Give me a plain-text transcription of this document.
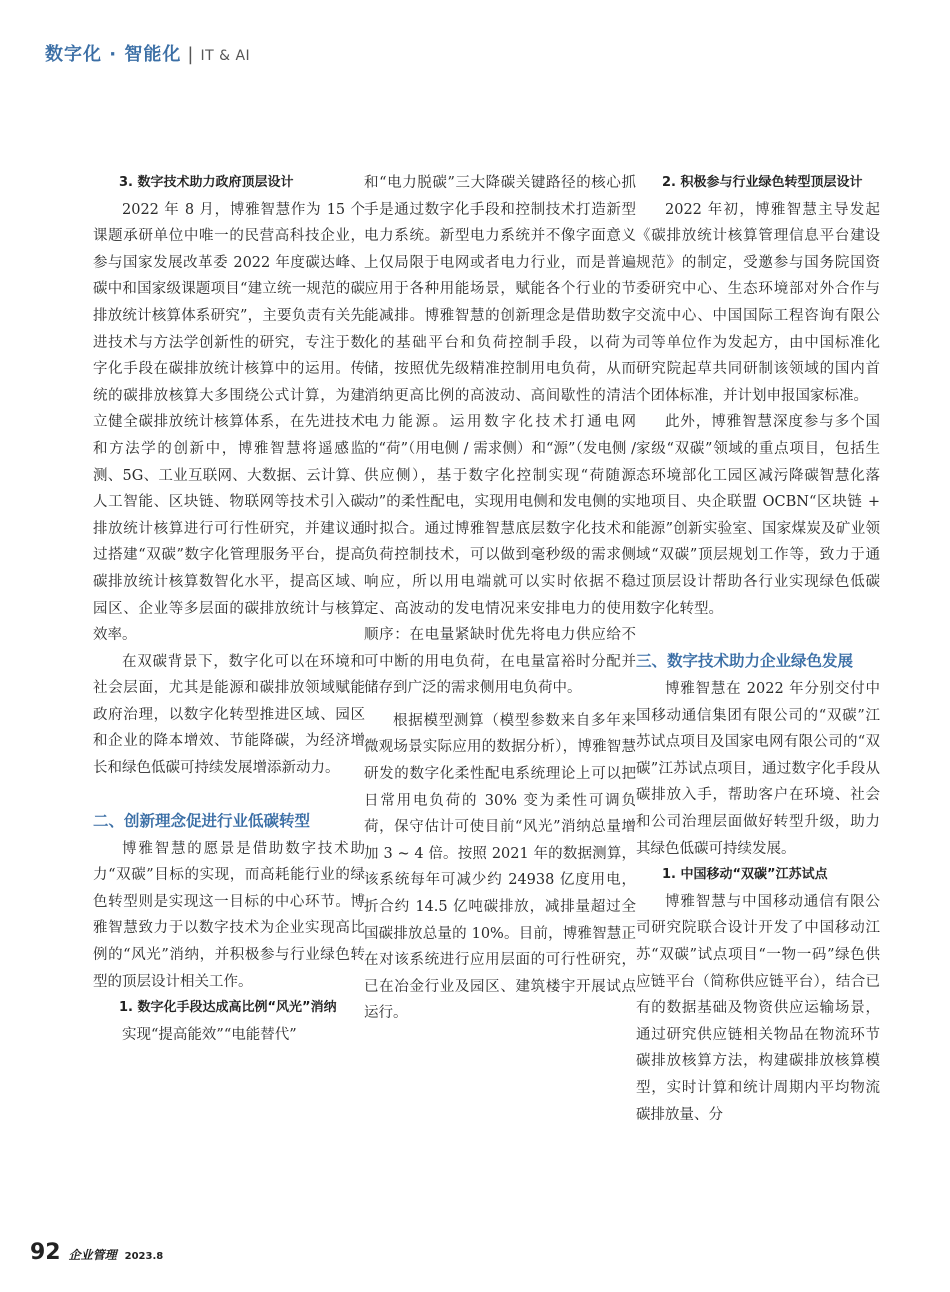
数字化 · 智能化 | IT & AI
3. 数字技术助力政府顶层设计

2022 年 8 月，博雅智慧作为 15 个课题承研单位中唯一的民营高科技企业，参与国家发展改革委 2022 年度碳达峰、碳中和国家级课题项目“建立统一规范的碳排放统计核算体系研究”，主要负责有关先进技术与方法学创新性的研究，专注于数字化手段在碳排放统计核算中的运用。传统的碳排放核算大多围绕公式计算，为建立健全碳排放统计核算体系，在先进技术和方法学的创新中，博雅智慧将遥感监测、5G、工业互联网、大数据、云计算、人工智能、区块链、物联网等技术引入碳排放统计核算进行可行性研究，并建议通过搭建“双碳”数字化管理服务平台，提高碳排放统计核算数智化水平，提高区域、园区、企业等多层面的碳排放统计与核算效率。

在双碳背景下，数字化可以在环境和社会层面，尤其是能源和碳排放领域赋能政府治理，以数字化转型推进区域、园区和企业的降本增效、节能降碳，为经济增长和绿色低碳可持续发展增添新动力。

二、创新理念促进行业低碳转型

博雅智慧的愿景是借助数字技术助力“双碳”目标的实现，而高耗能行业的绿色转型则是实现这一目标的中心环节。博雅智慧致力于以数字技术为企业实现高比例的“风光”消纳，并积极参与行业绿色转型的顶层设计相关工作。

1. 数字化手段达成高比例“风光”消纳

实现“提高能效”“电能替代”

和“电力脱碳”三大降碳关键路径的核心抓手是通过数字化手段和控制技术打造新型电力系统。新型电力系统并不像字面意义上仅局限于电网或者电力行业，而是普遍应用于各种用能场景，赋能各个行业的节能减排。博雅智慧的创新理念是借助数字化的基础平台和负荷控制手段，以荷为储，按照优先级精准控制用电负荷，从而消纳更高比例的高波动、高间歇性的清洁电力能源。运用数字化技术打通电网的“荷”（用电侧 / 需求侧）和“源”（发电侧 / 供应侧），基于数字化控制实现“荷随源动”的柔性配电，实现用电侧和发电侧的实时拟合。通过博雅智慧底层数字化技术和负荷控制技术，可以做到毫秒级的需求侧响应，所以用电端就可以实时依据不稳定、高波动的发电情况来安排电力的使用顺序：在电量紧缺时优先将电力供应给不可中断的用电负荷，在电量富裕时分配并储存到广泛的需求侧用电负荷中。

根据模型测算（模型参数来自多年来微观场景实际应用的数据分析），博雅智慧研发的数字化柔性配电系统理论上可以把日常用电负荷的 30% 变为柔性可调负荷，保守估计可使目前“风光”消纳总量增加 3 ~ 4 倍。按照 2021 年的数据测算，该系统每年可减少约 24938 亿度用电，折合约 14.5 亿吨碳排放，减排量超过全国碳排放总量的 10%。目前，博雅智慧正在对该系统进行应用层面的可行性研究，已在冶金行业及园区、建筑楼宇开展试点运行。

2. 积极参与行业绿色转型顶层设计

2022 年初，博雅智慧主导发起《碳排放统计核算管理信息平台建设规范》的制定，受邀参与国务院国资委研究中心、生态环境部对外合作与交流中心、中国国际工程咨询有限公司等单位作为发起方，由中国标准化研究院起草共同研制该领域的国内首个团体标准，并计划申报国家标准。

此外，博雅智慧深度参与多个国家级“双碳”领域的重点项目，包括生态环境部化工园区减污降碳智慧化落地项目、央企联盟 OCBN“区块链 + 能源”创新实验室、国家煤炭及矿业领域“双碳”顶层规划工作等，致力于通过顶层设计帮助各行业实现绿色低碳数字化转型。

三、数字技术助力企业绿色发展

博雅智慧在 2022 年分别交付中国移动通信集团有限公司的“双碳”江苏试点项目及国家电网有限公司的“双碳”江苏试点项目，通过数字化手段从碳排放入手，帮助客户在环境、社会和公司治理层面做好转型升级，助力其绿色低碳可持续发展。

1. 中国移动“双碳”江苏试点

博雅智慧与中国移动通信有限公司研究院联合设计开发了中国移动江苏“双碳”试点项目“一物一码”绿色供应链平台（简称供应链平台），结合已有的数据基础及物资供应运输场景，通过研究供应链相关物品在物流环节碳排放核算方法，构建碳排放核算模型，实时计算和统计周期内平均物流碳排放量、分

92 企业管理 2023.8
